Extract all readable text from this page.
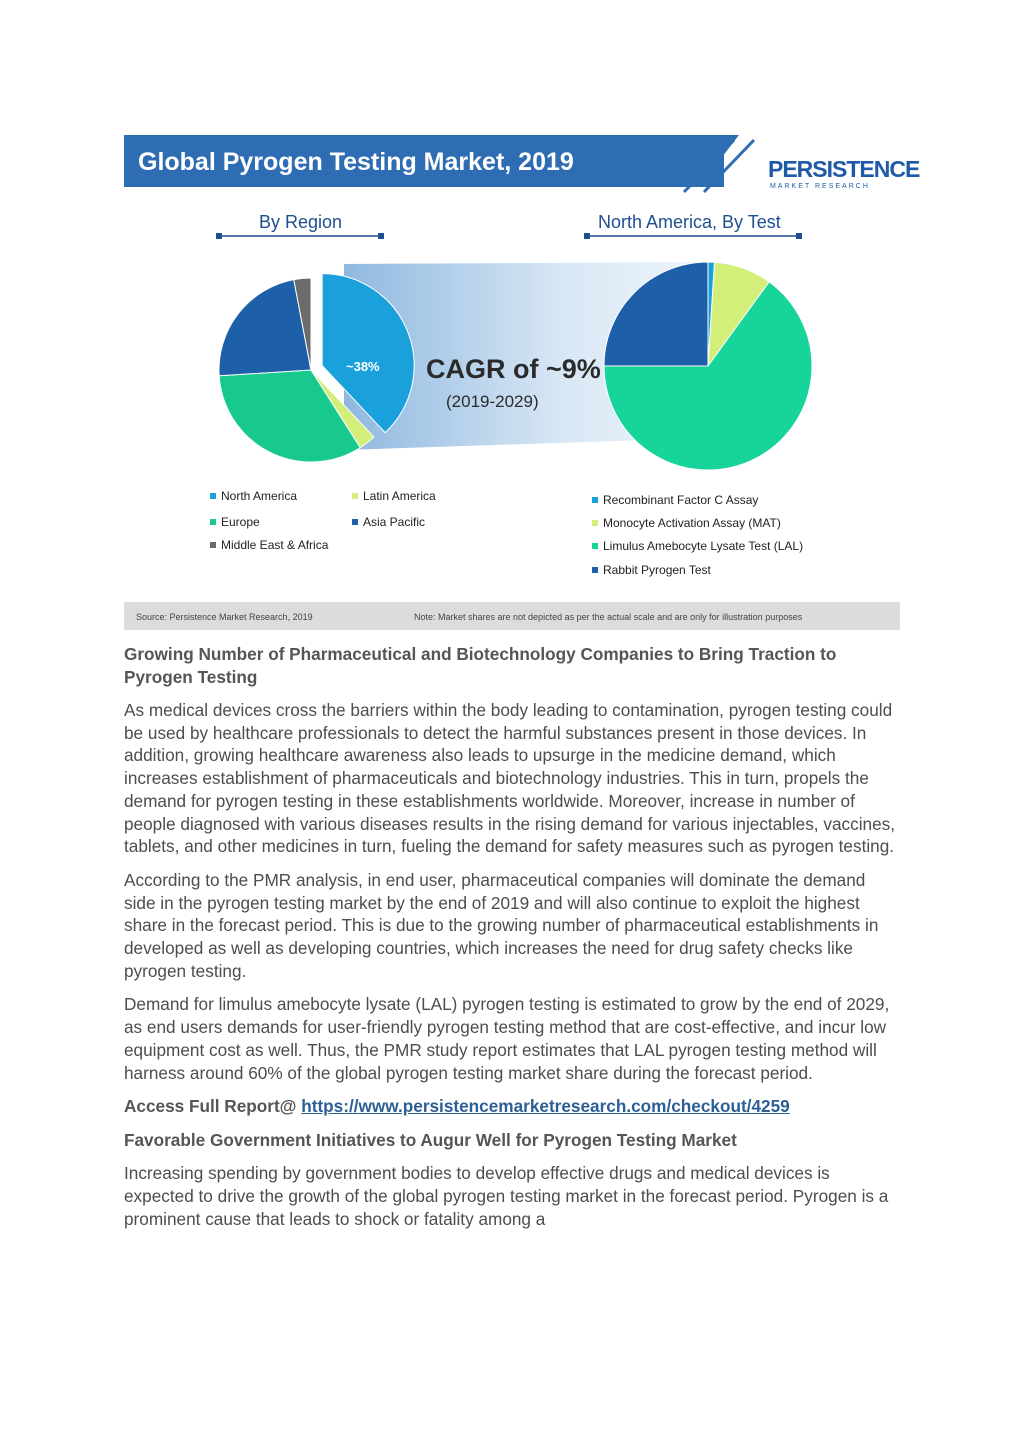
Global Pyrogen Testing Market, 2019	PERSISTENCE
MARKET RESEARCH
By Region	North America, By Test
~38% CAGR of ~9%
(2019-2029)
North America	Latin America
Europe	Asia Pacific
Middle East & Africa
Recombinant Factor C Assay
Monocyte Activation Assay (MAT)
Limulus Amebocyte Lysate Test (LAL)
Rabbit Pyrogen Test
Source: Persistence Market Research, 2019	Note: Market shares are not depicted as per the actual scale and are only for illustration purposes

Growing Number of Pharmaceutical and Biotechnology Companies to Bring Traction to Pyrogen Testing

As medical devices cross the barriers within the body leading to contamination, pyrogen testing could be used by healthcare professionals to detect the harmful substances present in those devices. In addition, growing healthcare awareness also leads to upsurge in the medicine demand, which increases establishment of pharmaceuticals and biotechnology industries. This in turn, propels the demand for pyrogen testing in these establishments worldwide. Moreover, increase in number of people diagnosed with various diseases results in the rising demand for various injectables, vaccines, tablets, and other medicines in turn, fueling the demand for safety measures such as pyrogen testing.

According to the PMR analysis, in end user, pharmaceutical companies will dominate the demand side in the pyrogen testing market by the end of 2019 and will also continue to exploit the highest share in the forecast period. This is due to the growing number of pharmaceutical establishments in developed as well as developing countries, which increases the need for drug safety checks like pyrogen testing.

Demand for limulus amebocyte lysate (LAL) pyrogen testing is estimated to grow by the end of 2029, as end users demands for user-friendly pyrogen testing method that are cost-effective, and incur low equipment cost as well. Thus, the PMR study report estimates that LAL pyrogen testing method will harness around 60% of the global pyrogen testing market share during the forecast period.

Access Full Report@ https://www.persistencemarketresearch.com/checkout/4259

Favorable Government Initiatives to Augur Well for Pyrogen Testing Market

Increasing spending by government bodies to develop effective drugs and medical devices is expected to drive the growth of the global pyrogen testing market in the forecast period. Pyrogen is a prominent cause that leads to shock or fatality among a
